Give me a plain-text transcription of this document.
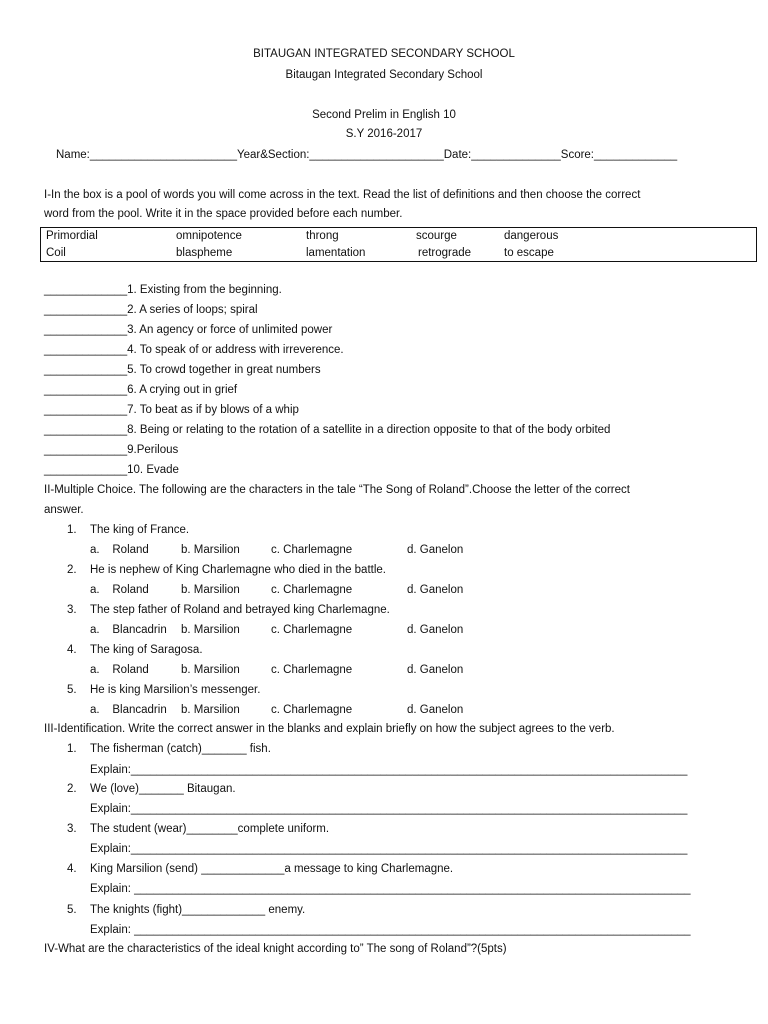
BITAUGAN INTEGRATED SECONDARY SCHOOL
Bitaugan Integrated Secondary School
Second Prelim in English 10
S.Y 2016-2017
Name:_______________________Year&Section:_____________________Date:______________Score:_____________
I-In the box is a pool of words you will come across in the text. Read the list of definitions and then choose the correct
word from the pool. Write it in the space provided before each number.
Primordial	omnipotence	throng	scourge	dangerous
Coil	blaspheme	lamentation	retrograde	to escape
_____________1. Existing from the beginning.
_____________2. A series of loops; spiral
_____________3. An agency or force of unlimited power
_____________4. To speak of or address with irreverence.
_____________5. To crowd together in great numbers
_____________6. A crying out in grief
_____________7. To beat as if by blows of a whip
_____________8. Being or relating to the rotation of a satellite in a direction opposite to that of the body orbited
_____________9.Perilous
_____________10. Evade
II-Multiple Choice. The following are the characters in the tale “The Song of Roland”.Choose the letter of the correct
answer.
1. The king of France.
a.    Roland	b. Marsilion	c. Charlemagne	d. Ganelon
2. He is nephew of King Charlemagne who died in the battle.
a.    Roland	b. Marsilion	c. Charlemagne	d. Ganelon
3. The step father of Roland and betrayed king Charlemagne.
a.    Blancadrin b. Marsilion	c. Charlemagne	d. Ganelon
4. The king of Saragosa.
a.    Roland	b. Marsilion	c. Charlemagne	d. Ganelon
5. He is king Marsilion’s messenger.
a.    Blancadrin b. Marsilion	c. Charlemagne	d. Ganelon
III-Identification. Write the correct answer in the blanks and explain briefly on how the subject agrees to the verb.
1. The fisherman (catch)_______ fish.
Explain:_______________________________________________________________________________________
2. We (love)_______ Bitaugan.
Explain:_______________________________________________________________________________________
3. The student (wear)________complete uniform.
Explain:_______________________________________________________________________________________
4. King Marsilion (send) _____________a message to king Charlemagne.
Explain: _______________________________________________________________________________________
5. The knights (fight)_____________ enemy.
Explain: _______________________________________________________________________________________
IV-What are the characteristics of the ideal knight according to” The song of Roland”?(5pts)
